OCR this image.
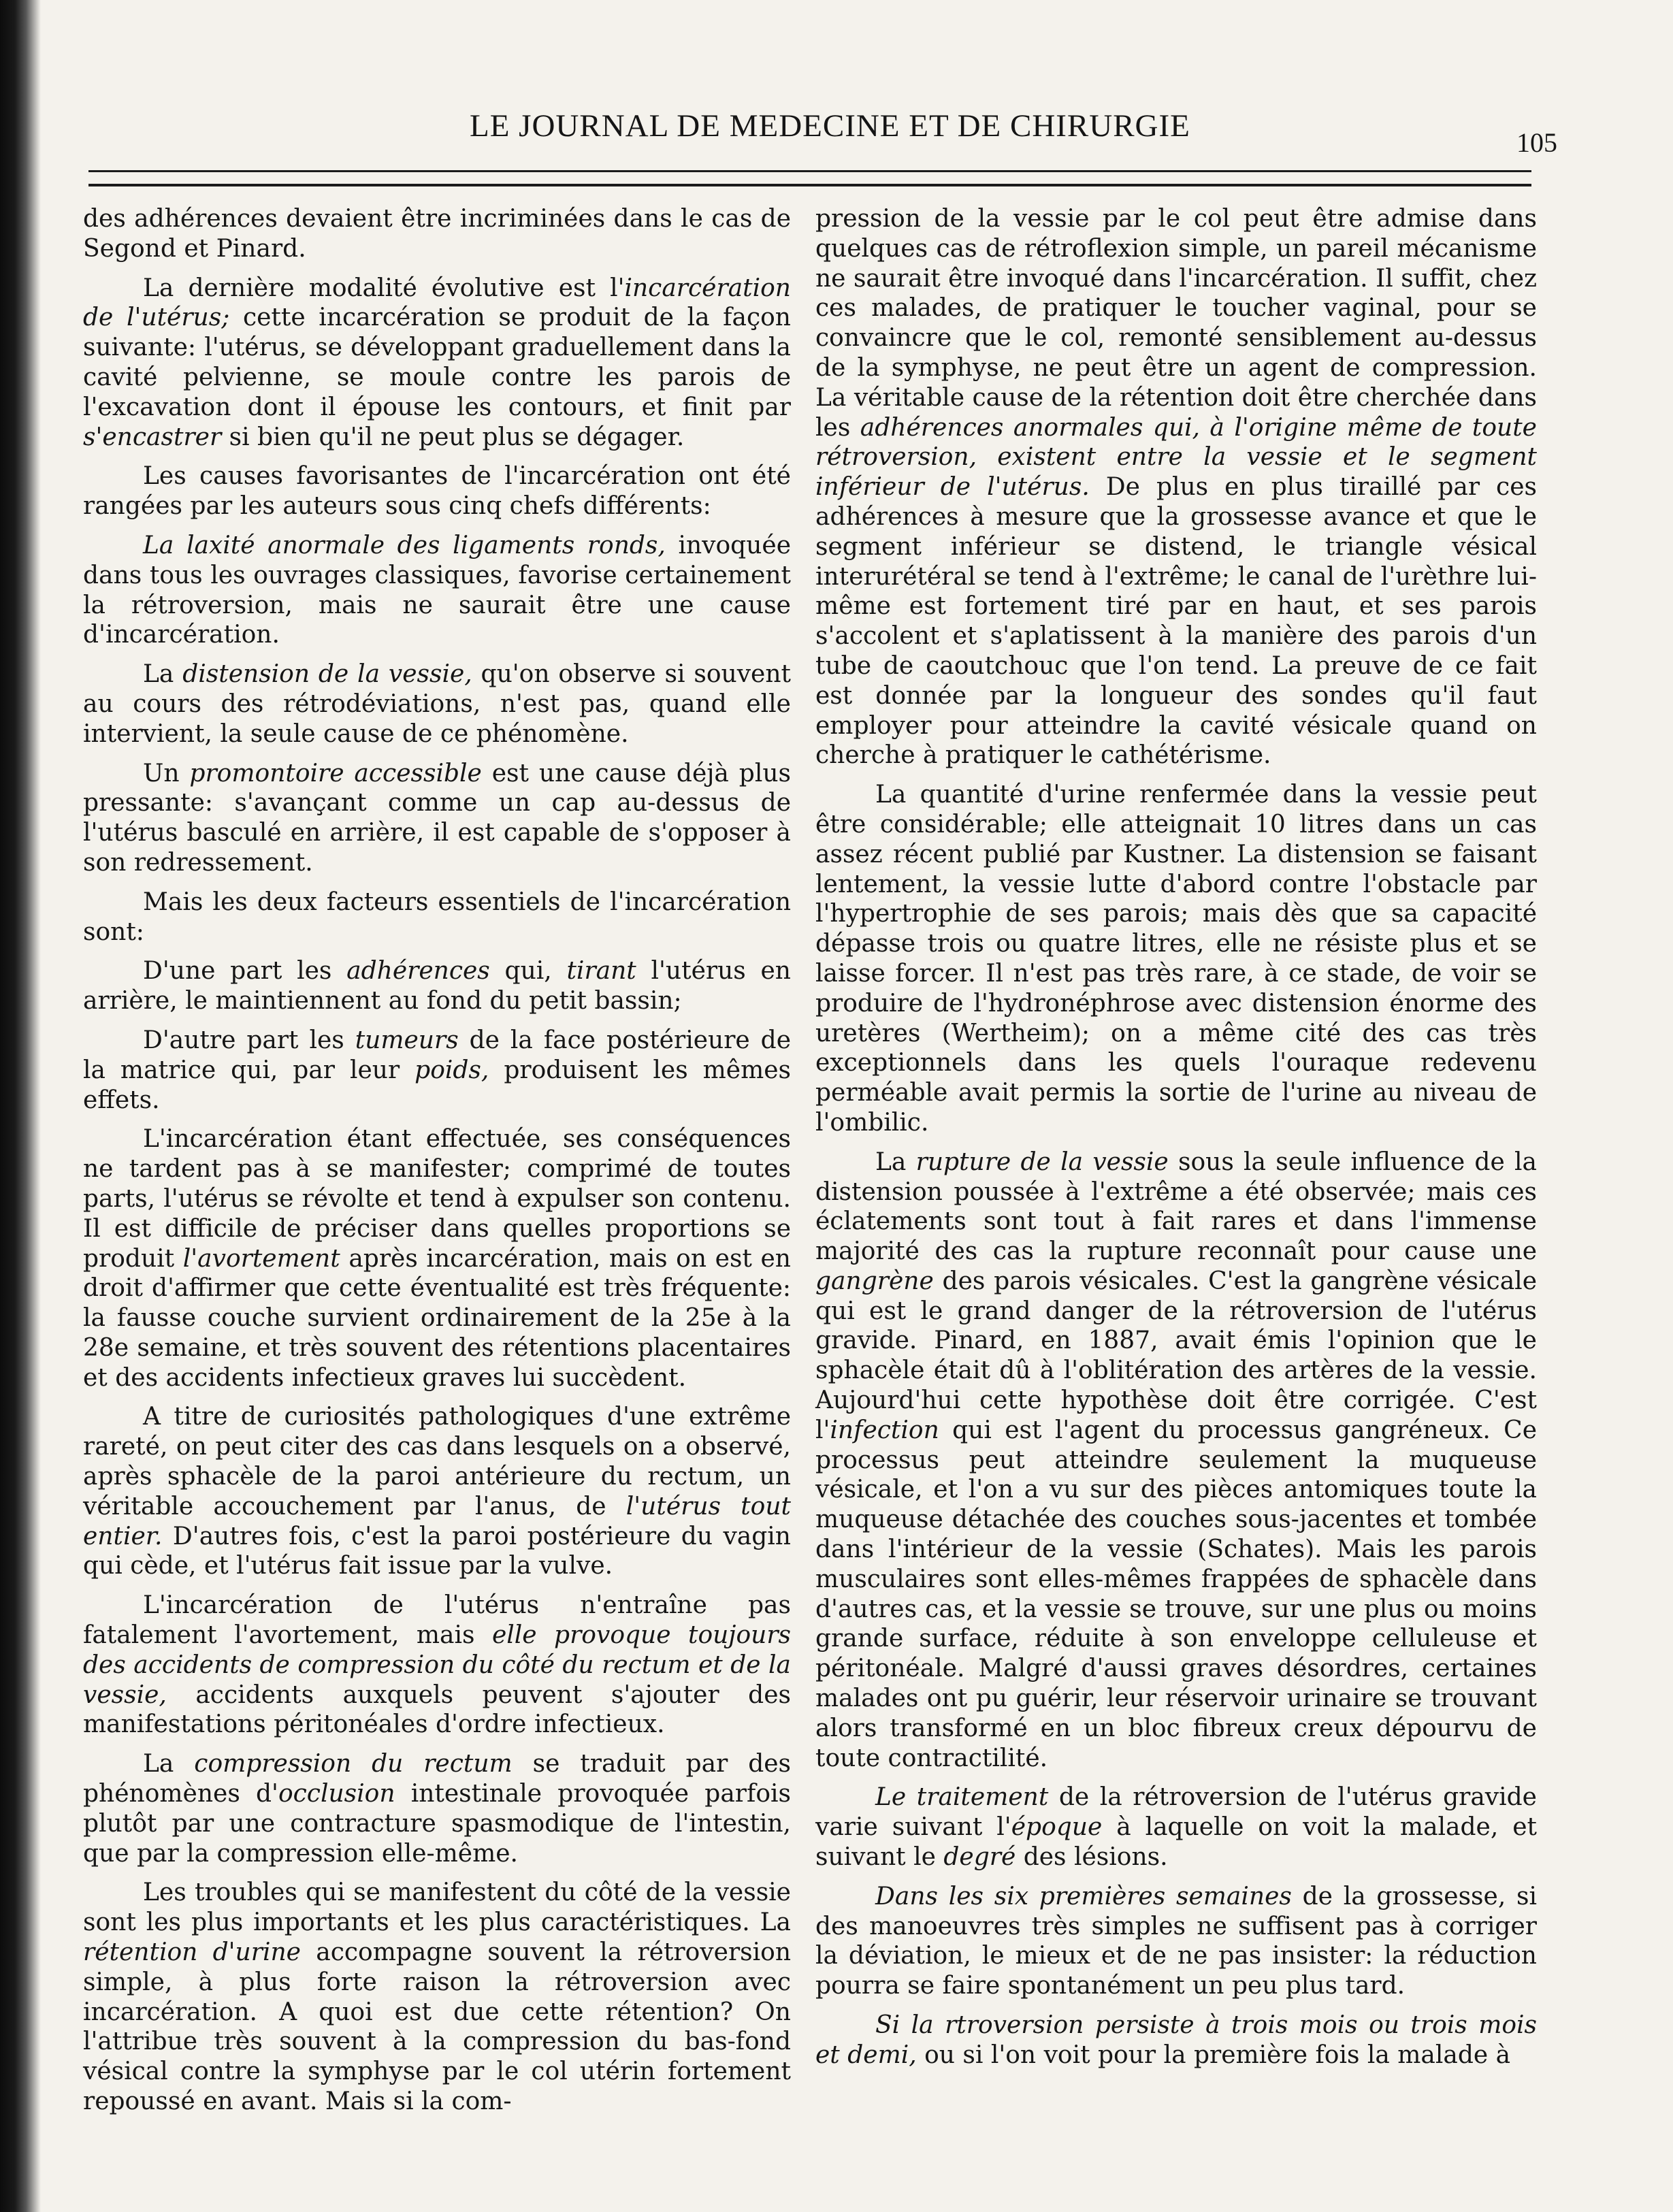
LE JOURNAL DE MEDECINE ET DE CHIRURGIE	105

des adhérences devaient être incriminées dans le cas de Segond et Pinard.

La dernière modalité évolutive est l'incarcération de l'utérus; cette incarcération se produit de la façon suivante: l'utérus, se développant graduellement dans la cavité pelvienne, se moule contre les parois de l'excavation dont il épouse les contours, et finit par s'encastrer si bien qu'il ne peut plus se dégager.

Les causes favorisantes de l'incarcération ont été rangées par les auteurs sous cinq chefs différents:

La laxité anormale des ligaments ronds, invoquée dans tous les ouvrages classiques, favorise certainement la rétroversion, mais ne saurait être une cause d'incarcération.

La distension de la vessie, qu'on observe si souvent au cours des rétrodéviations, n'est pas, quand elle intervient, la seule cause de ce phénomène.

Un promontoire accessible est une cause déjà plus pressante: s'avançant comme un cap au-dessus de l'utérus basculé en arrière, il est capable de s'opposer à son redressement.

Mais les deux facteurs essentiels de l'incarcération sont:

D'une part les adhérences qui, tirant l'utérus en arrière, le maintiennent au fond du petit bassin;

D'autre part les tumeurs de la face postérieure de la matrice qui, par leur poids, produisent les mêmes effets.

L'incarcération étant effectuée, ses conséquences ne tardent pas à se manifester; comprimé de toutes parts, l'utérus se révolte et tend à expulser son contenu. Il est difficile de préciser dans quelles proportions se produit l'avortement après incarcération, mais on est en droit d'affirmer que cette éventualité est très fréquente: la fausse couche survient ordinairement de la 25e à la 28e semaine, et très souvent des rétentions placentaires et des accidents infectieux graves lui succèdent.

A titre de curiosités pathologiques d'une extrême rareté, on peut citer des cas dans lesquels on a observé, après sphacèle de la paroi antérieure du rectum, un véritable accouchement par l'anus, de l'utérus tout entier. D'autres fois, c'est la paroi postérieure du vagin qui cède, et l'utérus fait issue par la vulve.

L'incarcération de l'utérus n'entraîne pas fatalement l'avortement, mais elle provoque toujours des accidents de compression du côté du rectum et de la vessie, accidents auxquels peuvent s'ajouter des manifestations péritonéales d'ordre infectieux.

La compression du rectum se traduit par des phénomènes d'occlusion intestinale provoquée parfois plutôt par une contracture spasmodique de l'intestin, que par la compression elle-même.

Les troubles qui se manifestent du côté de la vessie sont les plus importants et les plus caractéristiques. La rétention d'urine accompagne souvent la rétroversion simple, à plus forte raison la rétroversion avec incarcération. A quoi est due cette rétention? On l'attribue très souvent à la compression du bas-fond vésical contre la symphyse par le col utérin fortement repoussé en avant. Mais si la com-

pression de la vessie par le col peut être admise dans quelques cas de rétroflexion simple, un pareil mécanisme ne saurait être invoqué dans l'incarcération. Il suffit, chez ces malades, de pratiquer le toucher vaginal, pour se convaincre que le col, remonté sensiblement au-dessus de la symphyse, ne peut être un agent de compression. La véritable cause de la rétention doit être cherchée dans les adhérences anormales qui, à l'origine même de toute rétroversion, existent entre la vessie et le segment inférieur de l'utérus. De plus en plus tiraillé par ces adhérences à mesure que la grossesse avance et que le segment inférieur se distend, le triangle vésical interurétéral se tend à l'extrême; le canal de l'urèthre lui-même est fortement tiré par en haut, et ses parois s'accolent et s'aplatissent à la manière des parois d'un tube de caoutchouc que l'on tend. La preuve de ce fait est donnée par la longueur des sondes qu'il faut employer pour atteindre la cavité vésicale quand on cherche à pratiquer le cathétérisme.

La quantité d'urine renfermée dans la vessie peut être considérable; elle atteignait 10 litres dans un cas assez récent publié par Kustner. La distension se faisant lentement, la vessie lutte d'abord contre l'obstacle par l'hypertrophie de ses parois; mais dès que sa capacité dépasse trois ou quatre litres, elle ne résiste plus et se laisse forcer. Il n'est pas très rare, à ce stade, de voir se produire de l'hydronéphrose avec distension énorme des uretères (Wertheim); on a même cité des cas très exceptionnels dans les quels l'ouraque redevenu perméable avait permis la sortie de l'urine au niveau de l'ombilic.

La rupture de la vessie sous la seule influence de la distension poussée à l'extrême a été observée; mais ces éclatements sont tout à fait rares et dans l'immense majorité des cas la rupture reconnaît pour cause une gangrène des parois vésicales. C'est la gangrène vésicale qui est le grand danger de la rétroversion de l'utérus gravide. Pinard, en 1887, avait émis l'opinion que le sphacèle était dû à l'oblitération des artères de la vessie. Aujourd'hui cette hypothèse doit être corrigée. C'est l'infection qui est l'agent du processus gangréneux. Ce processus peut atteindre seulement la muqueuse vésicale, et l'on a vu sur des pièces antomiques toute la muqueuse détachée des couches sous-jacentes et tombée dans l'intérieur de la vessie (Schates). Mais les parois musculaires sont elles-mêmes frappées de sphacèle dans d'autres cas, et la vessie se trouve, sur une plus ou moins grande surface, réduite à son enveloppe celluleuse et péritonéale. Malgré d'aussi graves désordres, certaines malades ont pu guérir, leur réservoir urinaire se trouvant alors transformé en un bloc fibreux creux dépourvu de toute contractilité.

Le traitement de la rétroversion de l'utérus gravide varie suivant l'époque à laquelle on voit la malade, et suivant le degré des lésions.

Dans les six premières semaines de la grossesse, si des manoeuvres très simples ne suffisent pas à corriger la déviation, le mieux et de ne pas insister: la réduction pourra se faire spontanément un peu plus tard.

Si la rtroversion persiste à trois mois ou trois mois et demi, ou si l'on voit pour la première fois la malade à
